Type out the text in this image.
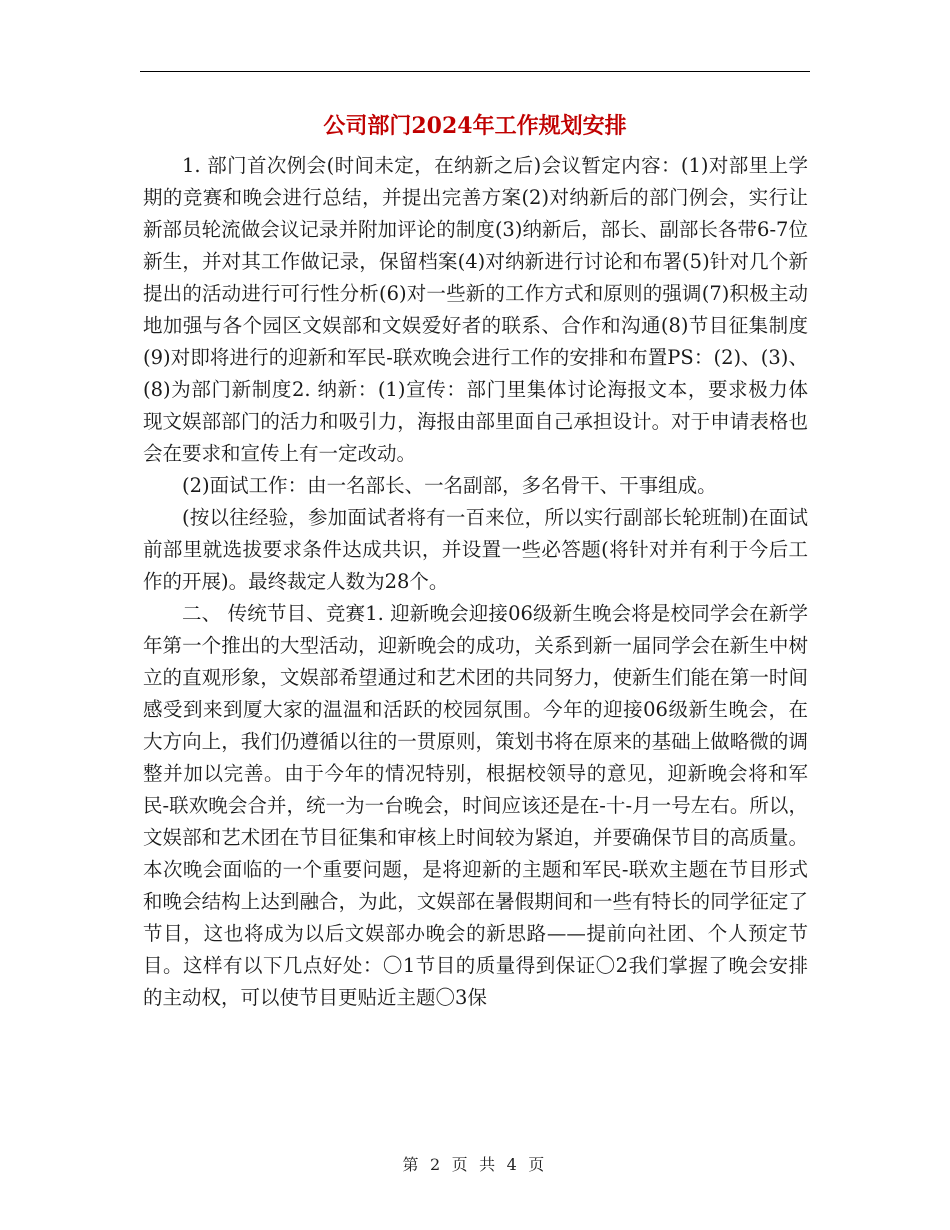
公司部门2024年工作规划安排

1. 部门首次例会(时间未定，在纳新之后)会议暂定内容：(1)对部里上学期的竞赛和晚会进行总结，并提出完善方案(2)对纳新后的部门例会，实行让新部员轮流做会议记录并附加评论的制度(3)纳新后，部长、副部长各带6-7位新生，并对其工作做记录，保留档案(4)对纳新进行讨论和布署(5)针对几个新提出的活动进行可行性分析(6)对一些新的工作方式和原则的强调(7)积极主动地加强与各个园区文娱部和文娱爱好者的联系、合作和沟通(8)节目征集制度(9)对即将进行的迎新和军民-联欢晚会进行工作的安排和布置PS：(2)、(3)、(8)为部门新制度2. 纳新：(1)宣传：部门里集体讨论海报文本，要求极力体现文娱部部门的活力和吸引力，海报由部里面自己承担设计。对于申请表格也会在要求和宣传上有一定改动。

(2)面试工作：由一名部长、一名副部，多名骨干、干事组成。

(按以往经验，参加面试者将有一百来位，所以实行副部长轮班制)在面试前部里就选拔要求条件达成共识，并设置一些必答题(将针对并有利于今后工作的开展)。最终裁定人数为28个。

二、 传统节目、竞赛1. 迎新晚会迎接06级新生晚会将是校同学会在新学年第一个推出的大型活动，迎新晚会的成功，关系到新一届同学会在新生中树立的直观形象，文娱部希望通过和艺术团的共同努力，使新生们能在第一时间感受到来到厦大家的温温和活跃的校园氛围。今年的迎接06级新生晚会，在大方向上，我们仍遵循以往的一贯原则，策划书将在原来的基础上做略微的调整并加以完善。由于今年的情况特别，根据校领导的意见，迎新晚会将和军民-联欢晚会合并，统一为一台晚会，时间应该还是在-十-月一号左右。所以，文娱部和艺术团在节目征集和审核上时间较为紧迫，并要确保节目的高质量。本次晚会面临的一个重要问题，是将迎新的主题和军民-联欢主题在节目形式和晚会结构上达到融合，为此，文娱部在暑假期间和一些有特长的同学征定了节目，这也将成为以后文娱部办晚会的新思路——提前向社团、个人预定节目。这样有以下几点好处：〇1节目的质量得到保证〇2我们掌握了晚会安排的主动权，可以使节目更贴近主题〇3保

第 2 页 共 4 页
